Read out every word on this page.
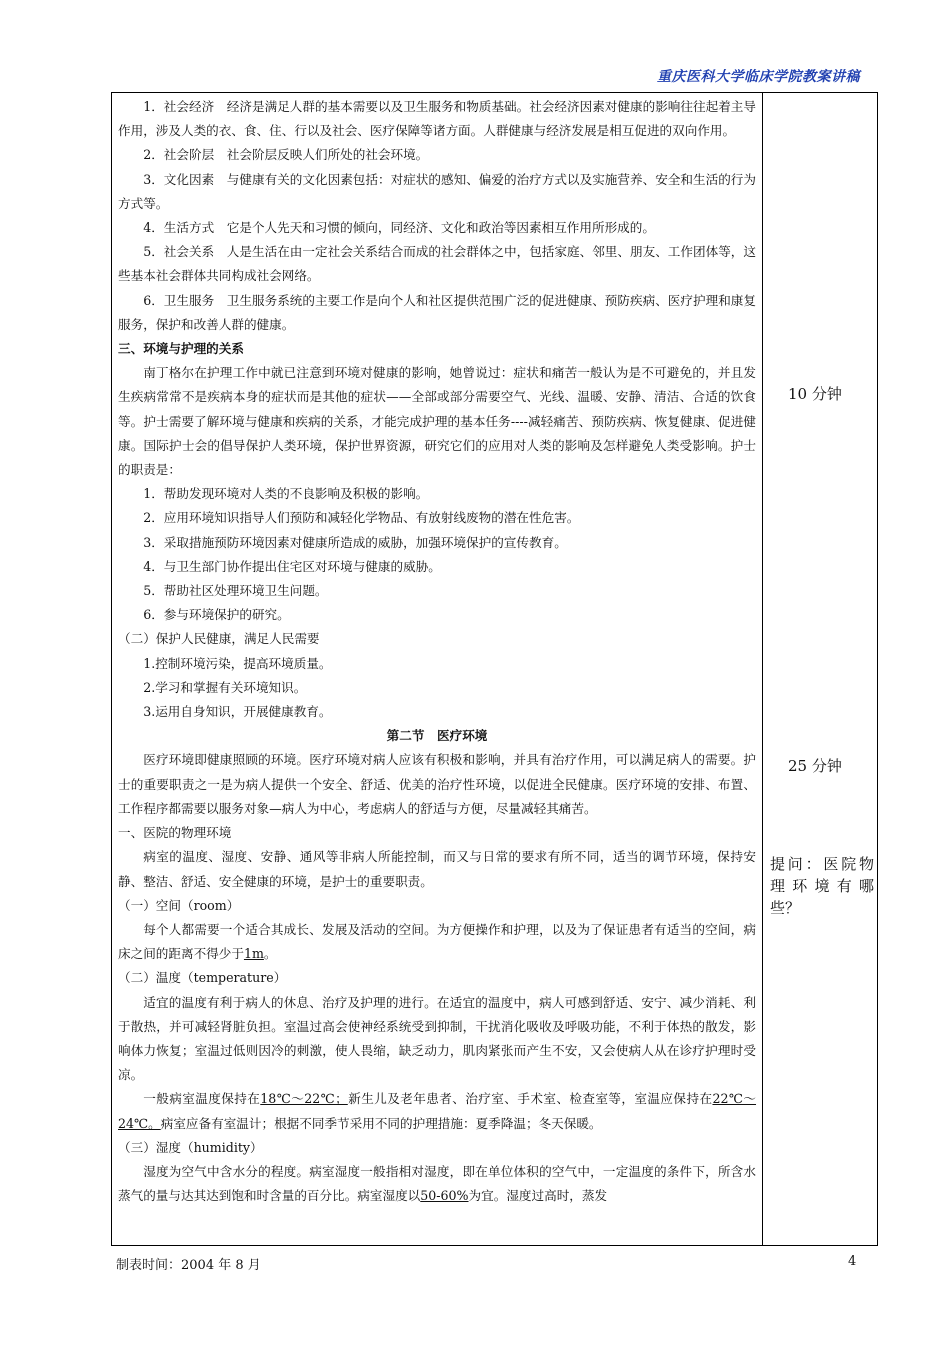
重庆医科大学临床学院教案讲稿

1．社会经济　经济是满足人群的基本需要以及卫生服务和物质基础。社会经济因素对健康的影响往往起着主导作用，涉及人类的衣、食、住、行以及社会、医疗保障等诸方面。人群健康与经济发展是相互促进的双向作用。

2．社会阶层　社会阶层反映人们所处的社会环境。

3．文化因素　与健康有关的文化因素包括：对症状的感知、偏爱的治疗方式以及实施营养、安全和生活的行为方式等。

4．生活方式　它是个人先天和习惯的倾向，同经济、文化和政治等因素相互作用所形成的。

5．社会关系　人是生活在由一定社会关系结合而成的社会群体之中，包括家庭、邻里、朋友、工作团体等，这些基本社会群体共同构成社会网络。

6．卫生服务　卫生服务系统的主要工作是向个人和社区提供范围广泛的促进健康、预防疾病、医疗护理和康复服务，保护和改善人群的健康。

三、环境与护理的关系

南丁格尔在护理工作中就已注意到环境对健康的影响，她曾说过：症状和痛苦一般认为是不可避免的，并且发生疾病常常不是疾病本身的症状而是其他的症状——全部或部分需要空气、光线、温暖、安静、清洁、合适的饮食等。护士需要了解环境与健康和疾病的关系，才能完成护理的基本任务----减轻痛苦、预防疾病、恢复健康、促进健康。国际护士会的倡导保护人类环境，保护世界资源，研究它们的应用对人类的影响及怎样避免人类受影响。护士的职责是：

1．帮助发现环境对人类的不良影响及积极的影响。

2．应用环境知识指导人们预防和减轻化学物品、有放射线废物的潜在性危害。

3．采取措施预防环境因素对健康所造成的威胁，加强环境保护的宣传教育。

4．与卫生部门协作提出住宅区对环境与健康的威胁。

5．帮助社区处理环境卫生问题。

6．参与环境保护的研究。

（二）保护人民健康，满足人民需要

1.控制环境污染，提高环境质量。

2.学习和掌握有关环境知识。

3.运用自身知识，开展健康教育。

第二节　医疗环境

医疗环境即健康照顾的环境。医疗环境对病人应该有积极和影响，并具有治疗作用，可以满足病人的需要。护士的重要职责之一是为病人提供一个安全、舒适、优美的治疗性环境，以促进全民健康。医疗环境的安排、布置、工作程序都需要以服务对象—病人为中心，考虑病人的舒适与方便，尽量减轻其痛苦。

一、医院的物理环境

病室的温度、湿度、安静、通风等非病人所能控制，而又与日常的要求有所不同，适当的调节环境，保持安静、整洁、舒适、安全健康的环境，是护士的重要职责。

（一）空间（room）

每个人都需要一个适合其成长、发展及活动的空间。为方便操作和护理，以及为了保证患者有适当的空间，病床之间的距离不得少于1m。

（二）温度（temperature）

适宜的温度有利于病人的休息、治疗及护理的进行。在适宜的温度中，病人可感到舒适、安宁、减少消耗、利于散热，并可减轻肾脏负担。室温过高会使神经系统受到抑制，干扰消化吸收及呼吸功能，不利于体热的散发，影响体力恢复；室温过低则因冷的刺激，使人畏缩，缺乏动力，肌肉紧张而产生不安，又会使病人从在诊疗护理时受凉。

一般病室温度保持在18℃～22℃；新生儿及老年患者、治疗室、手术室、检查室等，室温应保持在22℃～24℃。病室应备有室温计；根据不同季节采用不同的护理措施：夏季降温；冬天保暖。

（三）湿度（humidity）

湿度为空气中含水分的程度。病室湿度一般指相对湿度，即在单位体积的空气中，一定温度的条件下，所含水蒸气的量与达其达到饱和时含量的百分比。病室湿度以50-60%为宜。湿度过高时，蒸发

10 分钟
25 分钟
提问：医院物理环境有哪些？
制表时间：2004 年 8 月	4
